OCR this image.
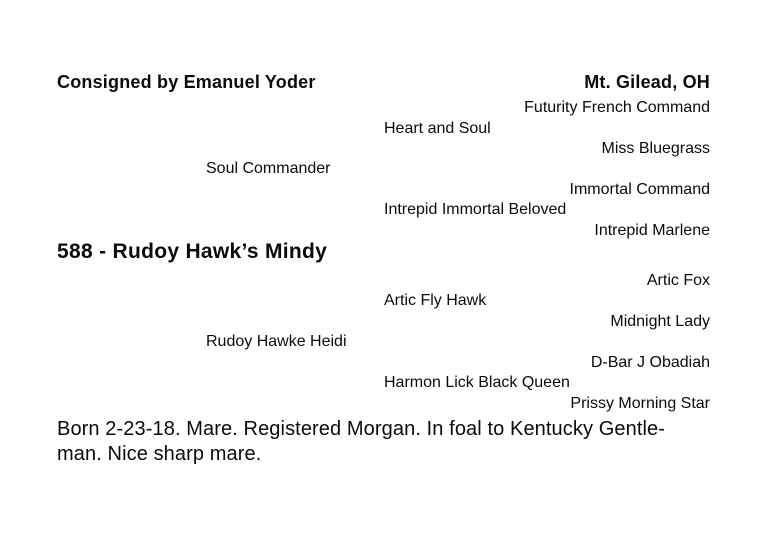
Consigned by Emanuel Yoder	Mt. Gilead, OH
Futurity French Command
Heart and Soul
Miss Bluegrass
Soul Commander
Immortal Command
Intrepid Immortal Beloved
Intrepid Marlene
588 - Rudoy Hawk’s Mindy
Artic Fox
Artic Fly Hawk
Midnight Lady
Rudoy Hawke Heidi
D-Bar J Obadiah
Harmon Lick Black Queen
Prissy Morning Star
Born 2-23-18. Mare. Registered Morgan. In foal to Kentucky Gentle-
man. Nice sharp mare.
